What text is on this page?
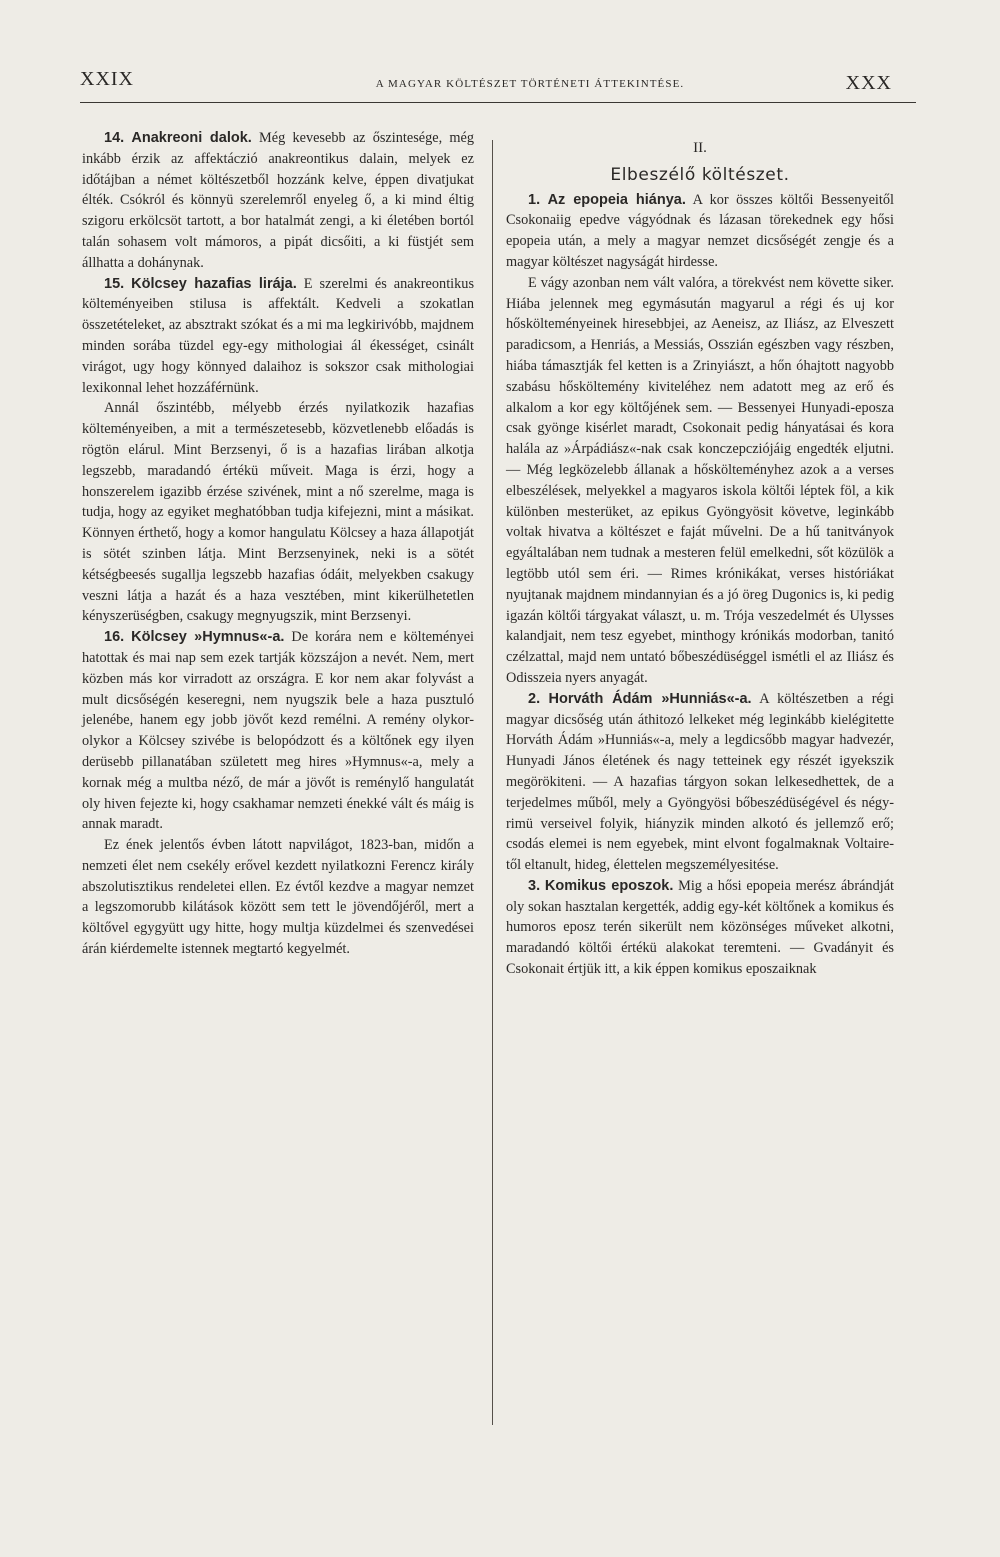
XXIX	A MAGYAR KÖLTÉSZET TÖRTÉNETI ÁTTEKINTÉSE.	XXX

14. Anakreoni dalok. Még kevesebb az őszintesége, még inkább érzik az affektáczió anakreontikus dalain, melyek ez időtájban a német költészetből hozzánk kelve, éppen divatjukat élték. Csókról és könnyü szerelemről enyeleg ő, a ki mind éltig szigoru erkölcsöt tartott, a bor hatalmát zengi, a ki életében bortól talán sohasem volt mámoros, a pipát dicsőiti, a ki füstjét sem állhatta a dohánynak.

15. Kölcsey hazafias lirája. E szerelmi és anakreontikus költeményeiben stilusa is affektált. Kedveli a szokatlan összetételeket, az absztrakt szókat és a mi ma legkirivóbb, majdnem minden sorába tüzdel egy-egy mithologiai ál ékességet, csinált virágot, ugy hogy könnyed dalaihoz is sokszor csak mithologiai lexikonnal lehet hozzáférnünk.

Annál őszintébb, mélyebb érzés nyilatkozik hazafias költeményeiben, a mit a természetesebb, közvetlenebb előadás is rögtön elárul. Mint Berzsenyi, ő is a hazafias lirában alkotja legszebb, maradandó értékü műveit. Maga is érzi, hogy a honszerelem igazibb érzése szivének, mint a nő szerelme, maga is tudja, hogy az egyiket meghatóbban tudja kifejezni, mint a másikat. Könnyen érthető, hogy a komor hangulatu Kölcsey a haza állapotját is sötét szinben látja. Mint Berzsenyinek, neki is a sötét kétségbeesés sugallja legszebb hazafias ódáit, melyekben csakugy veszni látja a hazát és a haza vesztében, mint kikerülhetetlen kényszerüségben, csakugy megnyugszik, mint Berzsenyi.

16. Kölcsey »Hymnus«-a. De korára nem e költeményei hatottak és mai nap sem ezek tartják közszájon a nevét. Nem, mert közben más kor virradott az országra. E kor nem akar folyvást a mult dicsőségén keseregni, nem nyugszik bele a haza pusztuló jelenébe, hanem egy jobb jövőt kezd remélni. A remény olykor-olykor a Kölcsey szivébe is belopódzott és a költőnek egy ilyen derüsebb pillanatában született meg hires »Hymnus«-a, mely a kornak még a multba néző, de már a jövőt is reménylő hangulatát oly hiven fejezte ki, hogy csakhamar nemzeti énekké vált és máig is annak maradt.

Ez ének jelentős évben látott napvilágot, 1823-ban, midőn a nemzeti élet nem csekély erővel kezdett nyilatkozni Ferencz király abszolutisztikus rendeletei ellen. Ez évtől kezdve a magyar nemzet a legszomorubb kilátások között sem tett le jövendőjéről, mert a költővel egygyütt ugy hitte, hogy multja küzdelmei és szenvedései árán kiérdemelte istennek megtartó kegyelmét.

II.

Elbeszélő költészet.

1. Az epopeia hiánya. A kor összes költői Bessenyeitől Csokonaiig epedve vágyódnak és lázasan törekednek egy hősi epopeia után, a mely a magyar nemzet dicsőségét zengje és a magyar költészet nagyságát hirdesse.

E vágy azonban nem vált valóra, a törekvést nem követte siker. Hiába jelennek meg egymásután magyarul a régi és uj kor hőskölteményeinek hiresebbjei, az Aeneisz, az Iliász, az Elveszett paradicsom, a Henriás, a Messiás, Osszián egészben vagy részben, hiába támasztják fel ketten is a Zrinyiászt, a hőn óhajtott nagyobb szabásu hősköltemény kiviteléhez nem adatott meg az erő és alkalom a kor egy költőjének sem. — Bessenyei Hunyadi-eposza csak gyönge kisérlet maradt, Csokonait pedig hányatásai és kora halála az »Árpádiász«-nak csak konczepcziójáig engedték eljutni. — Még legközelebb állanak a hőskölteményhez azok a a verses elbeszélések, melyekkel a magyaros iskola költői léptek föl, a kik különben mesterüket, az epikus Gyöngyösit követve, leginkább voltak hivatva a költészet e faját művelni. De a hű tanitványok egyáltalában nem tudnak a mesteren felül emelkedni, sőt közülök a legtöbb utól sem éri. — Rimes krónikákat, verses históriákat nyujtanak majdnem mindannyian és a jó öreg Dugonics is, ki pedig igazán költői tárgyakat választ, u. m. Trója veszedelmét és Ulysses kalandjait, nem tesz egyebet, minthogy krónikás modorban, tanitó czélzattal, majd nem untató bőbeszédüséggel ismétli el az Iliász és Odisszeia nyers anyagát.

2. Horváth Ádám »Hunniás«-a. A költészetben a régi magyar dicsőség után áthitozó lelkeket még leginkább kielégitette Horváth Ádám »Hunniás«-a, mely a legdicsőbb magyar hadvezér, Hunyadi János életének és nagy tetteinek egy részét igyekszik megörökiteni. — A hazafias tárgyon sokan lelkesedhettek, de a terjedelmes műből, mely a Gyöngyösi bőbeszédüségével és négy-rimü verseivel folyik, hiányzik minden alkotó és jellemző erő; csodás elemei is nem egyebek, mint elvont fogalmaknak Voltaire-től eltanult, hideg, élettelen megszemélyesitése.

3. Komikus eposzok. Mig a hősi epopeia merész ábrándját oly sokan hasztalan kergették, addig egy-két költőnek a komikus és humoros eposz terén sikerült nem közönséges műveket alkotni, maradandó költői értékü alakokat teremteni. — Gvadányit és Csokonait értjük itt, a kik éppen komikus eposzaiknak
